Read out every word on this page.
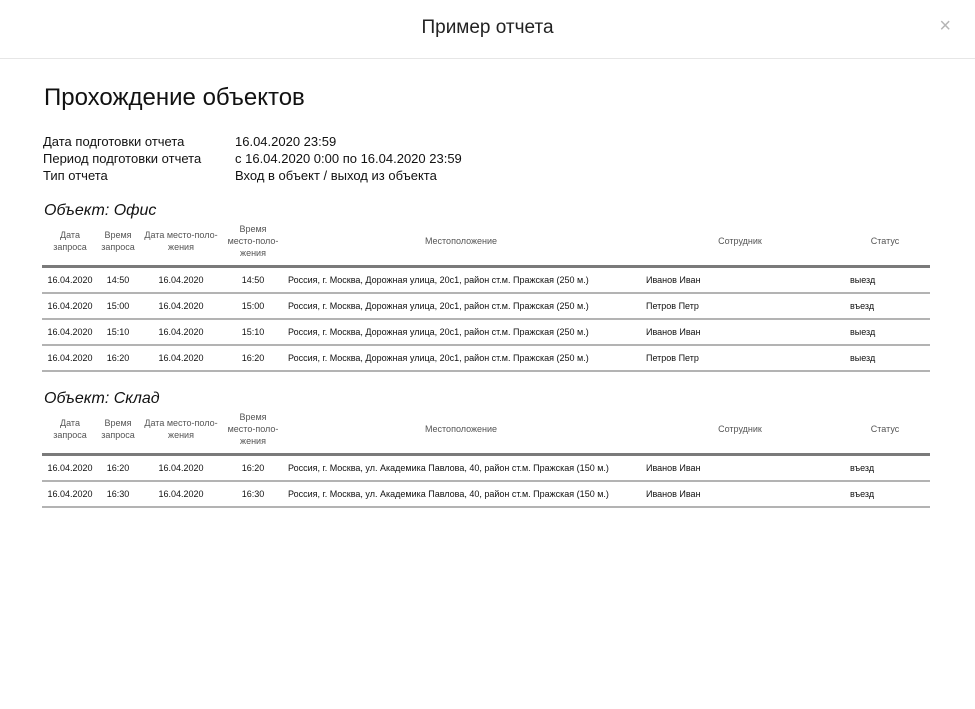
Пример отчета	×
Прохождение объектов
Дата подготовки отчета	16.04.2020 23:59
Период подготовки отчета	с 16.04.2020 0:00 по 16.04.2020 23:59
Тип отчета	Вход в объект / выход из объекта
Объект: Офис
Дата запроса	Время запроса	Дата место-поло-жения	Время место-поло-жения	Местоположение	Сотрудник	Статус
16.04.2020	14:50	16.04.2020	14:50	Россия, г. Москва, Дорожная улица, 20с1, район ст.м. Пражская (250 м.)	Иванов Иван	выезд
16.04.2020	15:00	16.04.2020	15:00	Россия, г. Москва, Дорожная улица, 20с1, район ст.м. Пражская (250 м.)	Петров Петр	въезд
16.04.2020	15:10	16.04.2020	15:10	Россия, г. Москва, Дорожная улица, 20с1, район ст.м. Пражская (250 м.)	Иванов Иван	выезд
16.04.2020	16:20	16.04.2020	16:20	Россия, г. Москва, Дорожная улица, 20с1, район ст.м. Пражская (250 м.)	Петров Петр	выезд
Объект: Склад
Дата запроса	Время запроса	Дата место-поло-жения	Время место-поло-жения	Местоположение	Сотрудник	Статус
16.04.2020	16:20	16.04.2020	16:20	Россия, г. Москва, ул. Академика Павлова, 40, район ст.м. Пражская (150 м.)	Иванов Иван	въезд
16.04.2020	16:30	16.04.2020	16:30	Россия, г. Москва, ул. Академика Павлова, 40, район ст.м. Пражская (150 м.)	Иванов Иван	въезд
